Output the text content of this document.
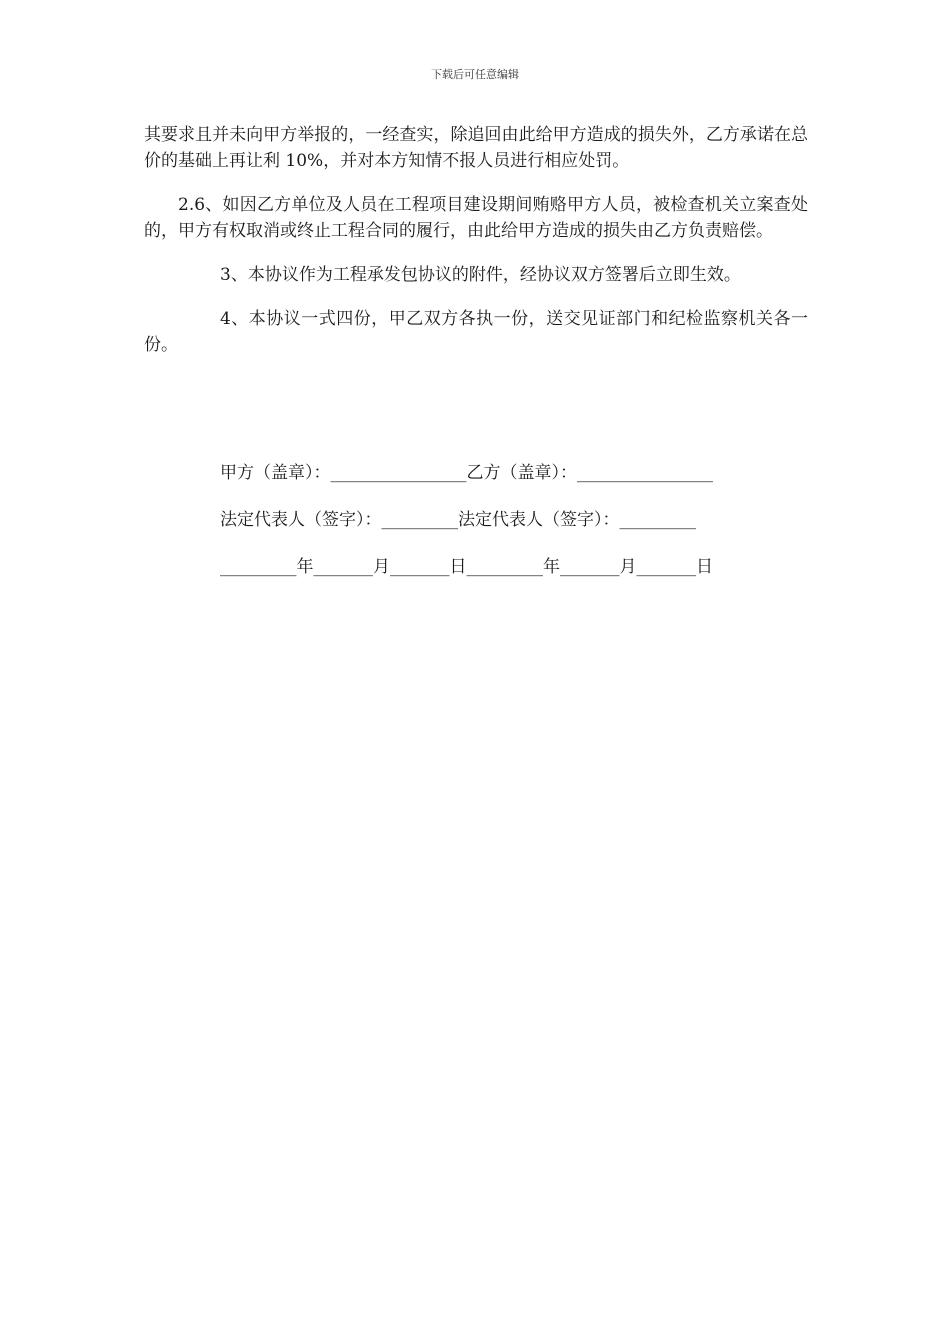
下载后可任意编辑

其要求且并未向甲方举报的，一经查实，除追回由此给甲方造成的损失外，乙方承诺在总价的基础上再让利 10%，并对本方知情不报人员进行相应处罚。

2.6、如因乙方单位及人员在工程项目建设期间贿赂甲方人员，被检查机关立案查处的，甲方有权取消或终止工程合同的履行，由此给甲方造成的损失由乙方负责赔偿。

3、本协议作为工程承发包协议的附件，经协议双方签署后立即生效。

4、本协议一式四份，甲乙双方各执一份，送交见证部门和纪检监察机关各一份。

甲方（盖章）：________________乙方（盖章）：________________
法定代表人（签字）：_________法定代表人（签字）：_________
_________年_______月_______日_________年_______月_______日
